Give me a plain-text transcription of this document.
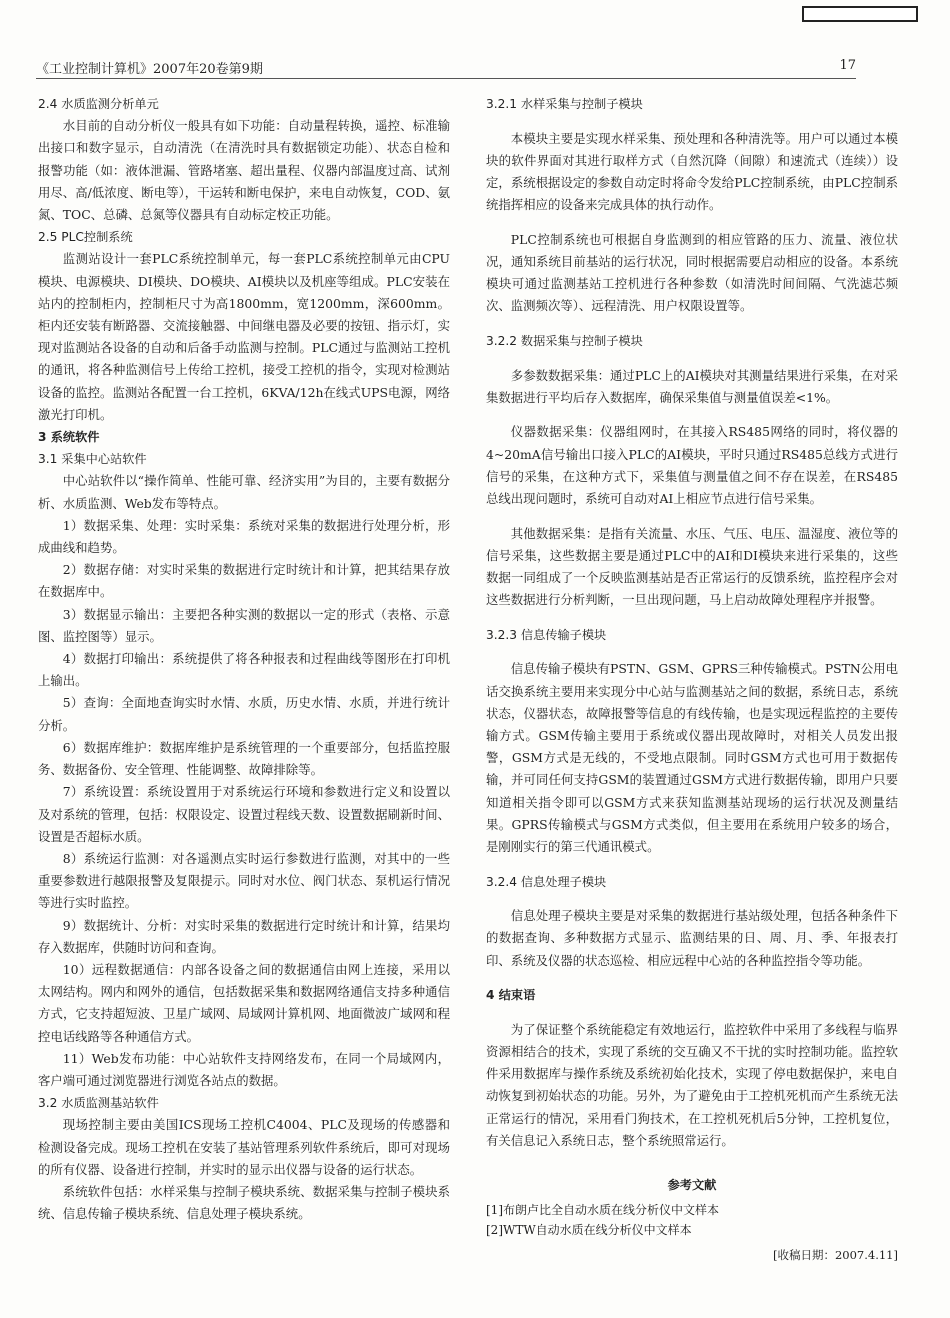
《工业控制计算机》2007年20卷第9期	17
2.4 水质监测分析单元

水目前的自动分析仪一般具有如下功能：自动量程转换，遥控、标准输出接口和数字显示，自动清洗（在清洗时具有数据锁定功能）、状态自检和报警功能（如：液体泄漏、管路堵塞、超出量程、仪器内部温度过高、试剂用尽、高/低浓度、断电等），干运转和断电保护，来电自动恢复，COD、氨氮、TOC、总磷、总氮等仪器具有自动标定校正功能。

2.5 PLC控制系统

监测站设计一套PLC系统控制单元，每一套PLC系统控制单元由CPU模块、电源模块、DI模块、DO模块、AI模块以及机座等组成。PLC安装在站内的控制柜内，控制柜尺寸为高1800mm，宽1200mm，深600mm。柜内还安装有断路器、交流接触器、中间继电器及必要的按钮、指示灯，实现对监测站各设备的自动和后备手动监测与控制。PLC通过与监测站工控机的通讯，将各种监测信号上传给工控机，接受工控机的指令，实现对检测站设备的监控。监测站各配置一台工控机，6KVA/12h在线式UPS电源，网络激光打印机。

3 系统软件
3.1 采集中心站软件

中心站软件以“操作简单、性能可靠、经济实用”为目的，主要有数据分析、水质监测、Web发布等特点。

1）数据采集、处理：实时采集：系统对采集的数据进行处理分析，形成曲线和趋势。

2）数据存储：对实时采集的数据进行定时统计和计算，把其结果存放在数据库中。

3）数据显示输出：主要把各种实测的数据以一定的形式（表格、示意图、监控图等）显示。

4）数据打印输出：系统提供了将各种报表和过程曲线等图形在打印机上输出。

5）查询：全面地查询实时水情、水质，历史水情、水质，并进行统计分析。

6）数据库维护：数据库维护是系统管理的一个重要部分，包括监控服务、数据备份、安全管理、性能调整、故障排除等。

7）系统设置：系统设置用于对系统运行环境和参数进行定义和设置以及对系统的管理，包括：权限设定、设置过程线天数、设置数据刷新时间、设置是否超标水质。

8）系统运行监测：对各遥测点实时运行参数进行监测，对其中的一些重要参数进行越限报警及复限提示。同时对水位、阀门状态、泵机运行情况等进行实时监控。

9）数据统计、分析：对实时采集的数据进行定时统计和计算，结果均存入数据库，供随时访问和查询。

10）远程数据通信：内部各设备之间的数据通信由网上连接，采用以太网结构。网内和网外的通信，包括数据采集和数据网络通信支持多种通信方式，它支持超短波、卫星广域网、局域网计算机网、地面微波广域网和程控电话线路等各种通信方式。

11）Web发布功能：中心站软件支持网络发布，在同一个局域网内，客户端可通过浏览器进行浏览各站点的数据。

3.2 水质监测基站软件

现场控制主要由美国ICS现场工控机C4004、PLC及现场的传感器和检测设备完成。现场工控机在安装了基站管理系列软件系统后，即可对现场的所有仪器、设备进行控制，并实时的显示出仪器与设备的运行状态。

系统软件包括：水样采集与控制子模块系统、数据采集与控制子模块系统、信息传输子模块系统、信息处理子模块系统。

3.2.1 水样采集与控制子模块

本模块主要是实现水样采集、预处理和各种清洗等。用户可以通过本模块的软件界面对其进行取样方式（自然沉降（间隙）和速流式（连续））设定，系统根据设定的参数自动定时将命令发给PLC控制系统，由PLC控制系统指挥相应的设备来完成具体的执行动作。

PLC控制系统也可根据自身监测到的相应管路的压力、流量、液位状况，通知系统目前基站的运行状况，同时根据需要启动相应的设备。本系统模块可通过监测基站工控机进行各种参数（如清洗时间间隔、气洗滤芯频次、监测频次等）、远程清洗、用户权限设置等。

3.2.2 数据采集与控制子模块

多参数数据采集：通过PLC上的AI模块对其测量结果进行采集，在对采集数据进行平均后存入数据库，确保采集值与测量值误差<1%。

仪器数据采集：仪器组网时，在其接入RS485网络的同时，将仪器的4~20mA信号输出口接入PLC的AI模块，平时只通过RS485总线方式进行信号的采集，在这种方式下，采集值与测量值之间不存在误差，在RS485总线出现问题时，系统可自动对AI上相应节点进行信号采集。

其他数据采集：是指有关流量、水压、气压、电压、温湿度、液位等的信号采集，这些数据主要是通过PLC中的AI和DI模块来进行采集的，这些数据一同组成了一个反映监测基站是否正常运行的反馈系统，监控程序会对这些数据进行分析判断，一旦出现问题，马上启动故障处理程序并报警。

3.2.3 信息传输子模块

信息传输子模块有PSTN、GSM、GPRS三种传输模式。PSTN公用电话交换系统主要用来实现分中心站与监测基站之间的数据，系统日志，系统状态，仪器状态，故障报警等信息的有线传输，也是实现远程监控的主要传输方式。GSM传输主要用于系统或仪器出现故障时，对相关人员发出报警，GSM方式是无线的，不受地点限制。同时GSM方式也可用于数据传输，并可同任何支持GSM的装置通过GSM方式进行数据传输，即用户只要知道相关指令即可以GSM方式来获知监测基站现场的运行状况及测量结果。GPRS传输模式与GSM方式类似，但主要用在系统用户较多的场合，是刚刚实行的第三代通讯模式。

3.2.4 信息处理子模块

信息处理子模块主要是对采集的数据进行基站级处理，包括各种条件下的数据查询、多种数据方式显示、监测结果的日、周、月、季、年报表打印、系统及仪器的状态巡检、相应远程中心站的各种监控指令等功能。

4 结束语

为了保证整个系统能稳定有效地运行，监控软件中采用了多线程与临界资源相结合的技术，实现了系统的交互确又不干扰的实时控制功能。监控软件采用数据库与操作系统及系统初始化技术，实现了停电数据保护，来电自动恢复到初始状态的功能。另外，为了避免由于工控机死机而产生系统无法正常运行的情况，采用看门狗技术，在工控机死机后5分钟，工控机复位，有关信息记入系统日志，整个系统照常运行。

参考文献

[1]布朗卢比全自动水质在线分析仪中文样本

[2]WTW自动水质在线分析仪中文样本

[收稿日期：2007.4.11]
